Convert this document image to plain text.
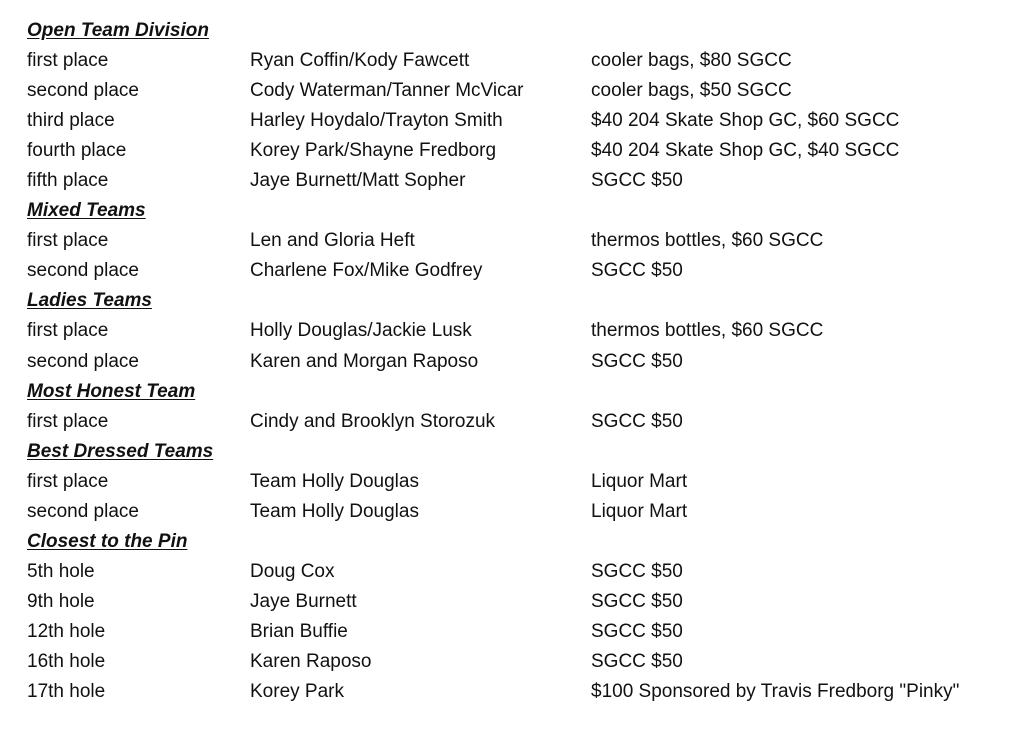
Open Team Division
first place	Ryan Coffin/Kody Fawcett	cooler bags, $80 SGCC
second place	Cody Waterman/Tanner McVicar	cooler bags, $50 SGCC
third place	Harley Hoydalo/Trayton Smith	$40 204 Skate Shop GC, $60 SGCC
fourth place	Korey Park/Shayne Fredborg	$40 204 Skate Shop GC, $40 SGCC
fifth place	Jaye Burnett/Matt Sopher	SGCC $50
Mixed Teams
first place	Len and Gloria Heft	thermos bottles, $60 SGCC
second place	Charlene Fox/Mike Godfrey	SGCC $50
Ladies Teams
first place	Holly Douglas/Jackie Lusk	thermos bottles, $60 SGCC
second place	Karen and Morgan Raposo	SGCC $50
Most Honest Team
first place	Cindy and Brooklyn Storozuk	SGCC $50
Best Dressed Teams
first place	Team Holly Douglas	Liquor Mart
second place	Team Holly Douglas	Liquor Mart
Closest to the Pin
5th hole	Doug Cox	SGCC $50
9th hole	Jaye Burnett	SGCC $50
12th hole	Brian Buffie	SGCC $50
16th hole	Karen Raposo	SGCC $50
17th hole	Korey Park	$100 Sponsored by Travis Fredborg "Pinky"
